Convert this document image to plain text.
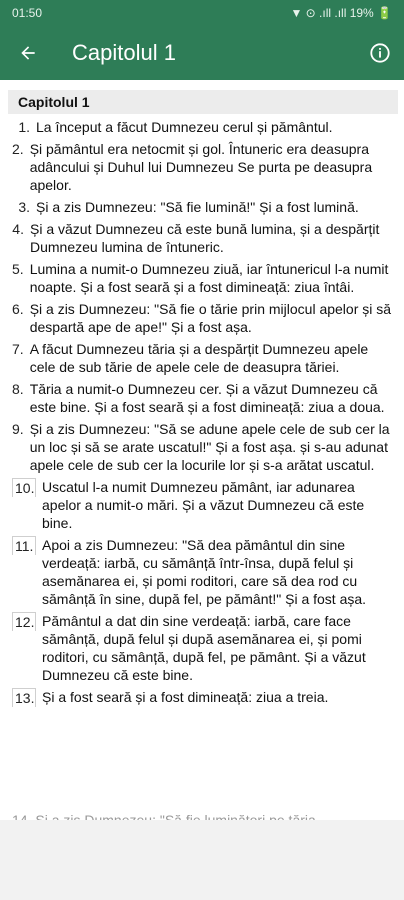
01:50	▼ ⊙ .ıll .ıll 19% 🔋
Capitolul 1
Capitolul 1
1. La început a făcut Dumnezeu cerul și pământul.
2. Și pământul era netocmit și gol. Întuneric era deasupra adâncului și Duhul lui Dumnezeu Se purta pe deasupra apelor.
3. Și a zis Dumnezeu: "Să fie lumină!" Și a fost lumină.
4. Și a văzut Dumnezeu că este bună lumina, și a despărțit Dumnezeu lumina de întuneric.
5. Lumina a numit-o Dumnezeu ziuă, iar întunericul l-a numit noapte. Și a fost seară și a fost dimineață: ziua întâi.
6. Și a zis Dumnezeu: "Să fie o tărie prin mijlocul apelor și să despartă ape de ape!" Și a fost așa.
7. A făcut Dumnezeu tăria și a despărțit Dumnezeu apele cele de sub tărie de apele cele de deasupra tăriei.
8. Tăria a numit-o Dumnezeu cer. Și a văzut Dumnezeu că este bine. Și a fost seară și a fost dimineață: ziua a doua.
9. Și a zis Dumnezeu: "Să se adune apele cele de sub cer la un loc și să se arate uscatul!" Și a fost așa. și s-au adunat apele cele de sub cer la locurile lor și s-a arătat uscatul.
10. Uscatul l-a numit Dumnezeu pământ, iar adunarea apelor a numit-o mări. Și a văzut Dumnezeu că este bine.
11. Apoi a zis Dumnezeu: "Să dea pământul din sine verdeață: iarbă, cu sămânță într-însa, după felul și asemănarea ei, și pomi roditori, care să dea rod cu sămânță în sine, după fel, pe pământ!" Și a fost așa.
12. Pământul a dat din sine verdeață: iarbă, care face sămânță, după felul și după asemănarea ei, și pomi roditori, cu sămânță, după fel, pe pământ. Și a văzut Dumnezeu că este bine.
13. Și a fost seară și a fost dimineață: ziua a treia.
